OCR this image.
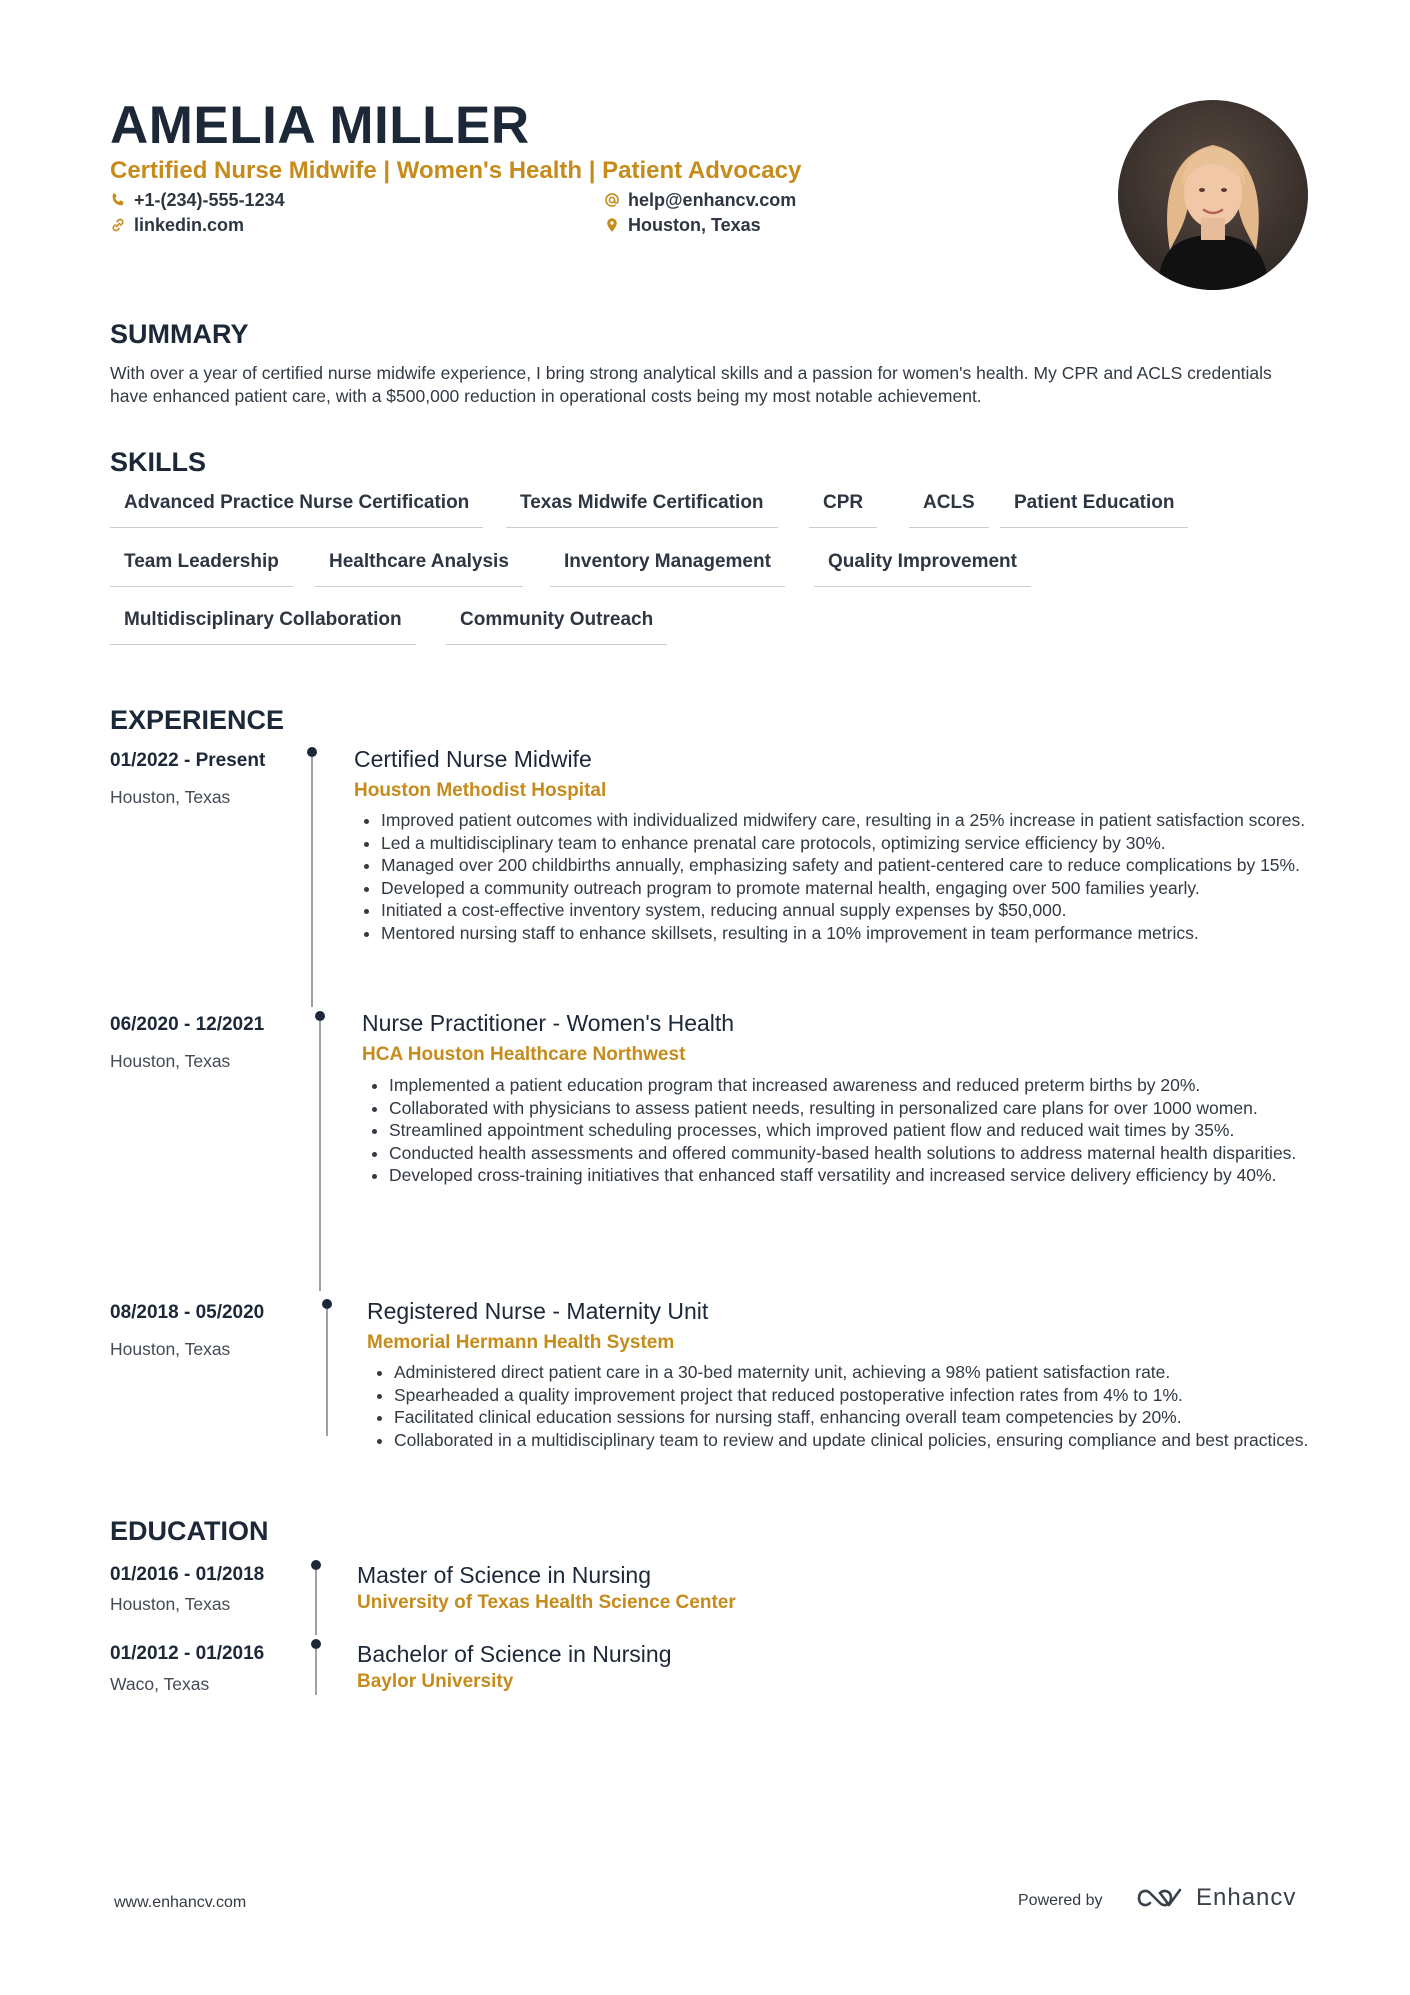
AMELIA MILLER
Certified Nurse Midwife | Women's Health | Patient Advocacy
+1-(234)-555-1234	help@enhancv.com
linkedin.com	Houston, Texas
SUMMARY

With over a year of certified nurse midwife experience, I bring strong analytical skills and a passion for women's health. My CPR and ACLS credentials have enhanced patient care, with a $500,000 reduction in operational costs being my most notable achievement.

SKILLS
Advanced Practice Nurse Certification	Texas Midwife Certification	CPR	ACLS	Patient Education
Team Leadership	Healthcare Analysis	Inventory Management	Quality Improvement
Multidisciplinary Collaboration	Community Outreach
EXPERIENCE
01/2022 - Present
Houston, Texas
Certified Nurse Midwife
Houston Methodist Hospital
• Improved patient outcomes with individualized midwifery care, resulting in a 25% increase in patient satisfaction scores.
• Led a multidisciplinary team to enhance prenatal care protocols, optimizing service efficiency by 30%.
• Managed over 200 childbirths annually, emphasizing safety and patient-centered care to reduce complications by 15%.
• Developed a community outreach program to promote maternal health, engaging over 500 families yearly.
• Initiated a cost-effective inventory system, reducing annual supply expenses by $50,000.
• Mentored nursing staff to enhance skillsets, resulting in a 10% improvement in team performance metrics.
06/2020 - 12/2021
Houston, Texas
Nurse Practitioner - Women's Health
HCA Houston Healthcare Northwest
• Implemented a patient education program that increased awareness and reduced preterm births by 20%.
• Collaborated with physicians to assess patient needs, resulting in personalized care plans for over 1000 women.
• Streamlined appointment scheduling processes, which improved patient flow and reduced wait times by 35%.
• Conducted health assessments and offered community-based health solutions to address maternal health disparities.
• Developed cross-training initiatives that enhanced staff versatility and increased service delivery efficiency by 40%.
08/2018 - 05/2020
Houston, Texas
Registered Nurse - Maternity Unit
Memorial Hermann Health System
• Administered direct patient care in a 30-bed maternity unit, achieving a 98% patient satisfaction rate.
• Spearheaded a quality improvement project that reduced postoperative infection rates from 4% to 1%.
• Facilitated clinical education sessions for nursing staff, enhancing overall team competencies by 20%.
• Collaborated in a multidisciplinary team to review and update clinical policies, ensuring compliance and best practices.
EDUCATION
01/2016 - 01/2018
Houston, Texas
Master of Science in Nursing
University of Texas Health Science Center
01/2012 - 01/2016
Waco, Texas
Bachelor of Science in Nursing
Baylor University
www.enhancv.com	Powered by	Enhancv
